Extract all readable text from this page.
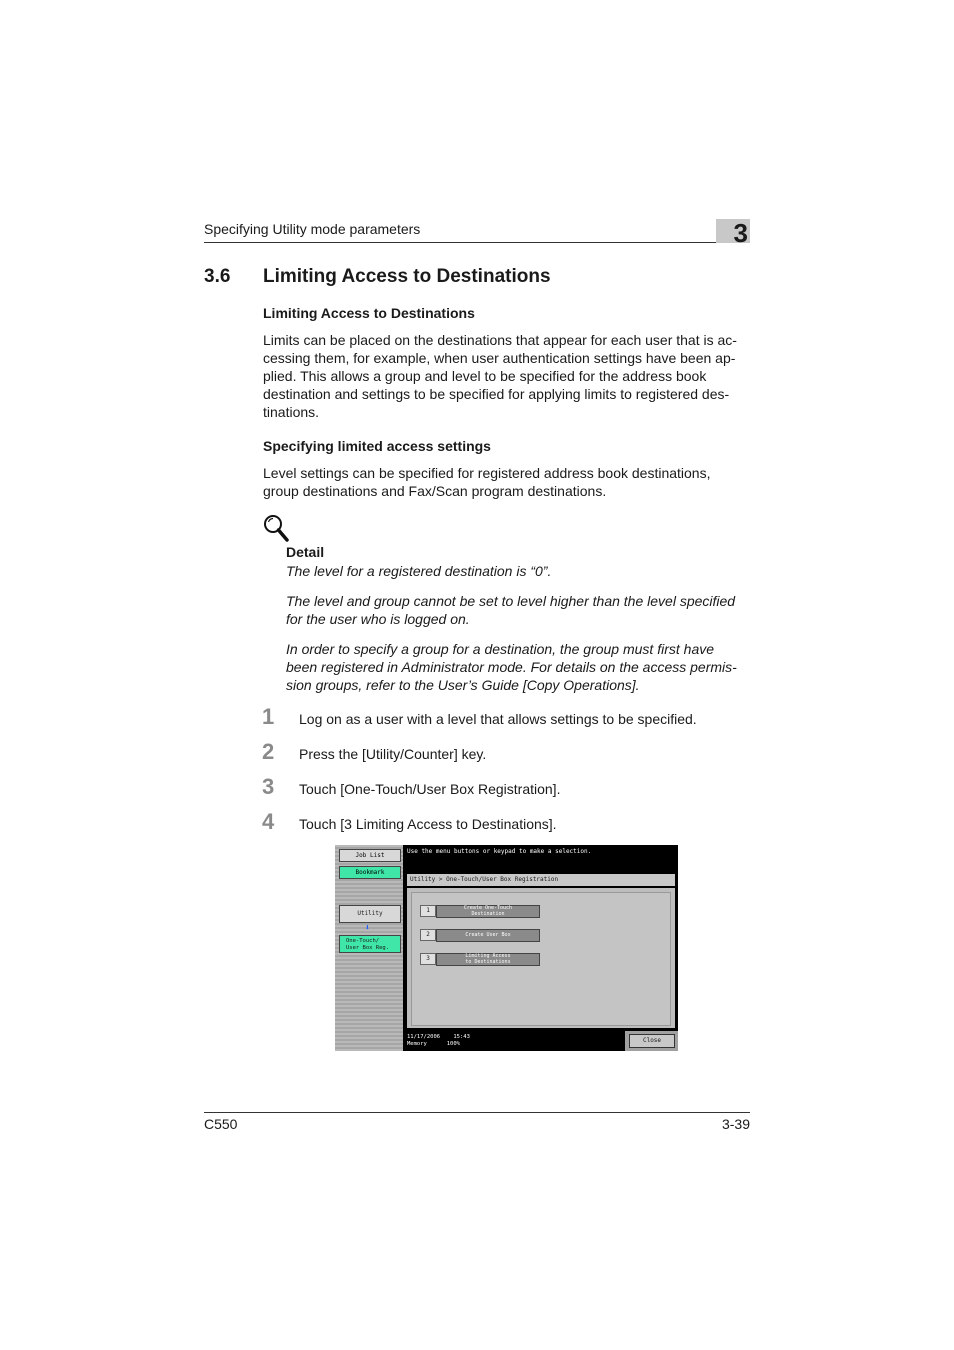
Specifying Utility mode parameters	3
3.6 Limiting Access to Destinations
Limiting Access to Destinations
Limits can be placed on the destinations that appear for each user that is ac-
cessing them, for example, when user authentication settings have been ap-
plied. This allows a group and level to be specified for the address book
destination and settings to be specified for applying limits to registered des-
tinations.
Specifying limited access settings
Level settings can be specified for registered address book destinations,
group destinations and Fax/Scan program destinations.
Detail
The level for a registered destination is “0”.
The level and group cannot be set to level higher than the level specified
for the user who is logged on.
In order to specify a group for a destination, the group must first have
been registered in Administrator mode. For details on the access permis-
sion groups, refer to the User’s Guide [Copy Operations].
1 Log on as a user with a level that allows settings to be specified.
2 Press the [Utility/Counter] key.
3 Touch [One-Touch/User Box Registration].
4 Touch [3 Limiting Access to Destinations].
Job List
Bookmark
Utility
⬇
One-Touch/
User Box Reg.
Use the menu buttons or keypad to make a selection.
Utility > One-Touch/User Box Registration
1	Create One-Touch
Destination
2	Create User Box
3	Limiting Access
to Destinations
11/17/2006 15:43
Memory	100%	Close
C550	3-39
